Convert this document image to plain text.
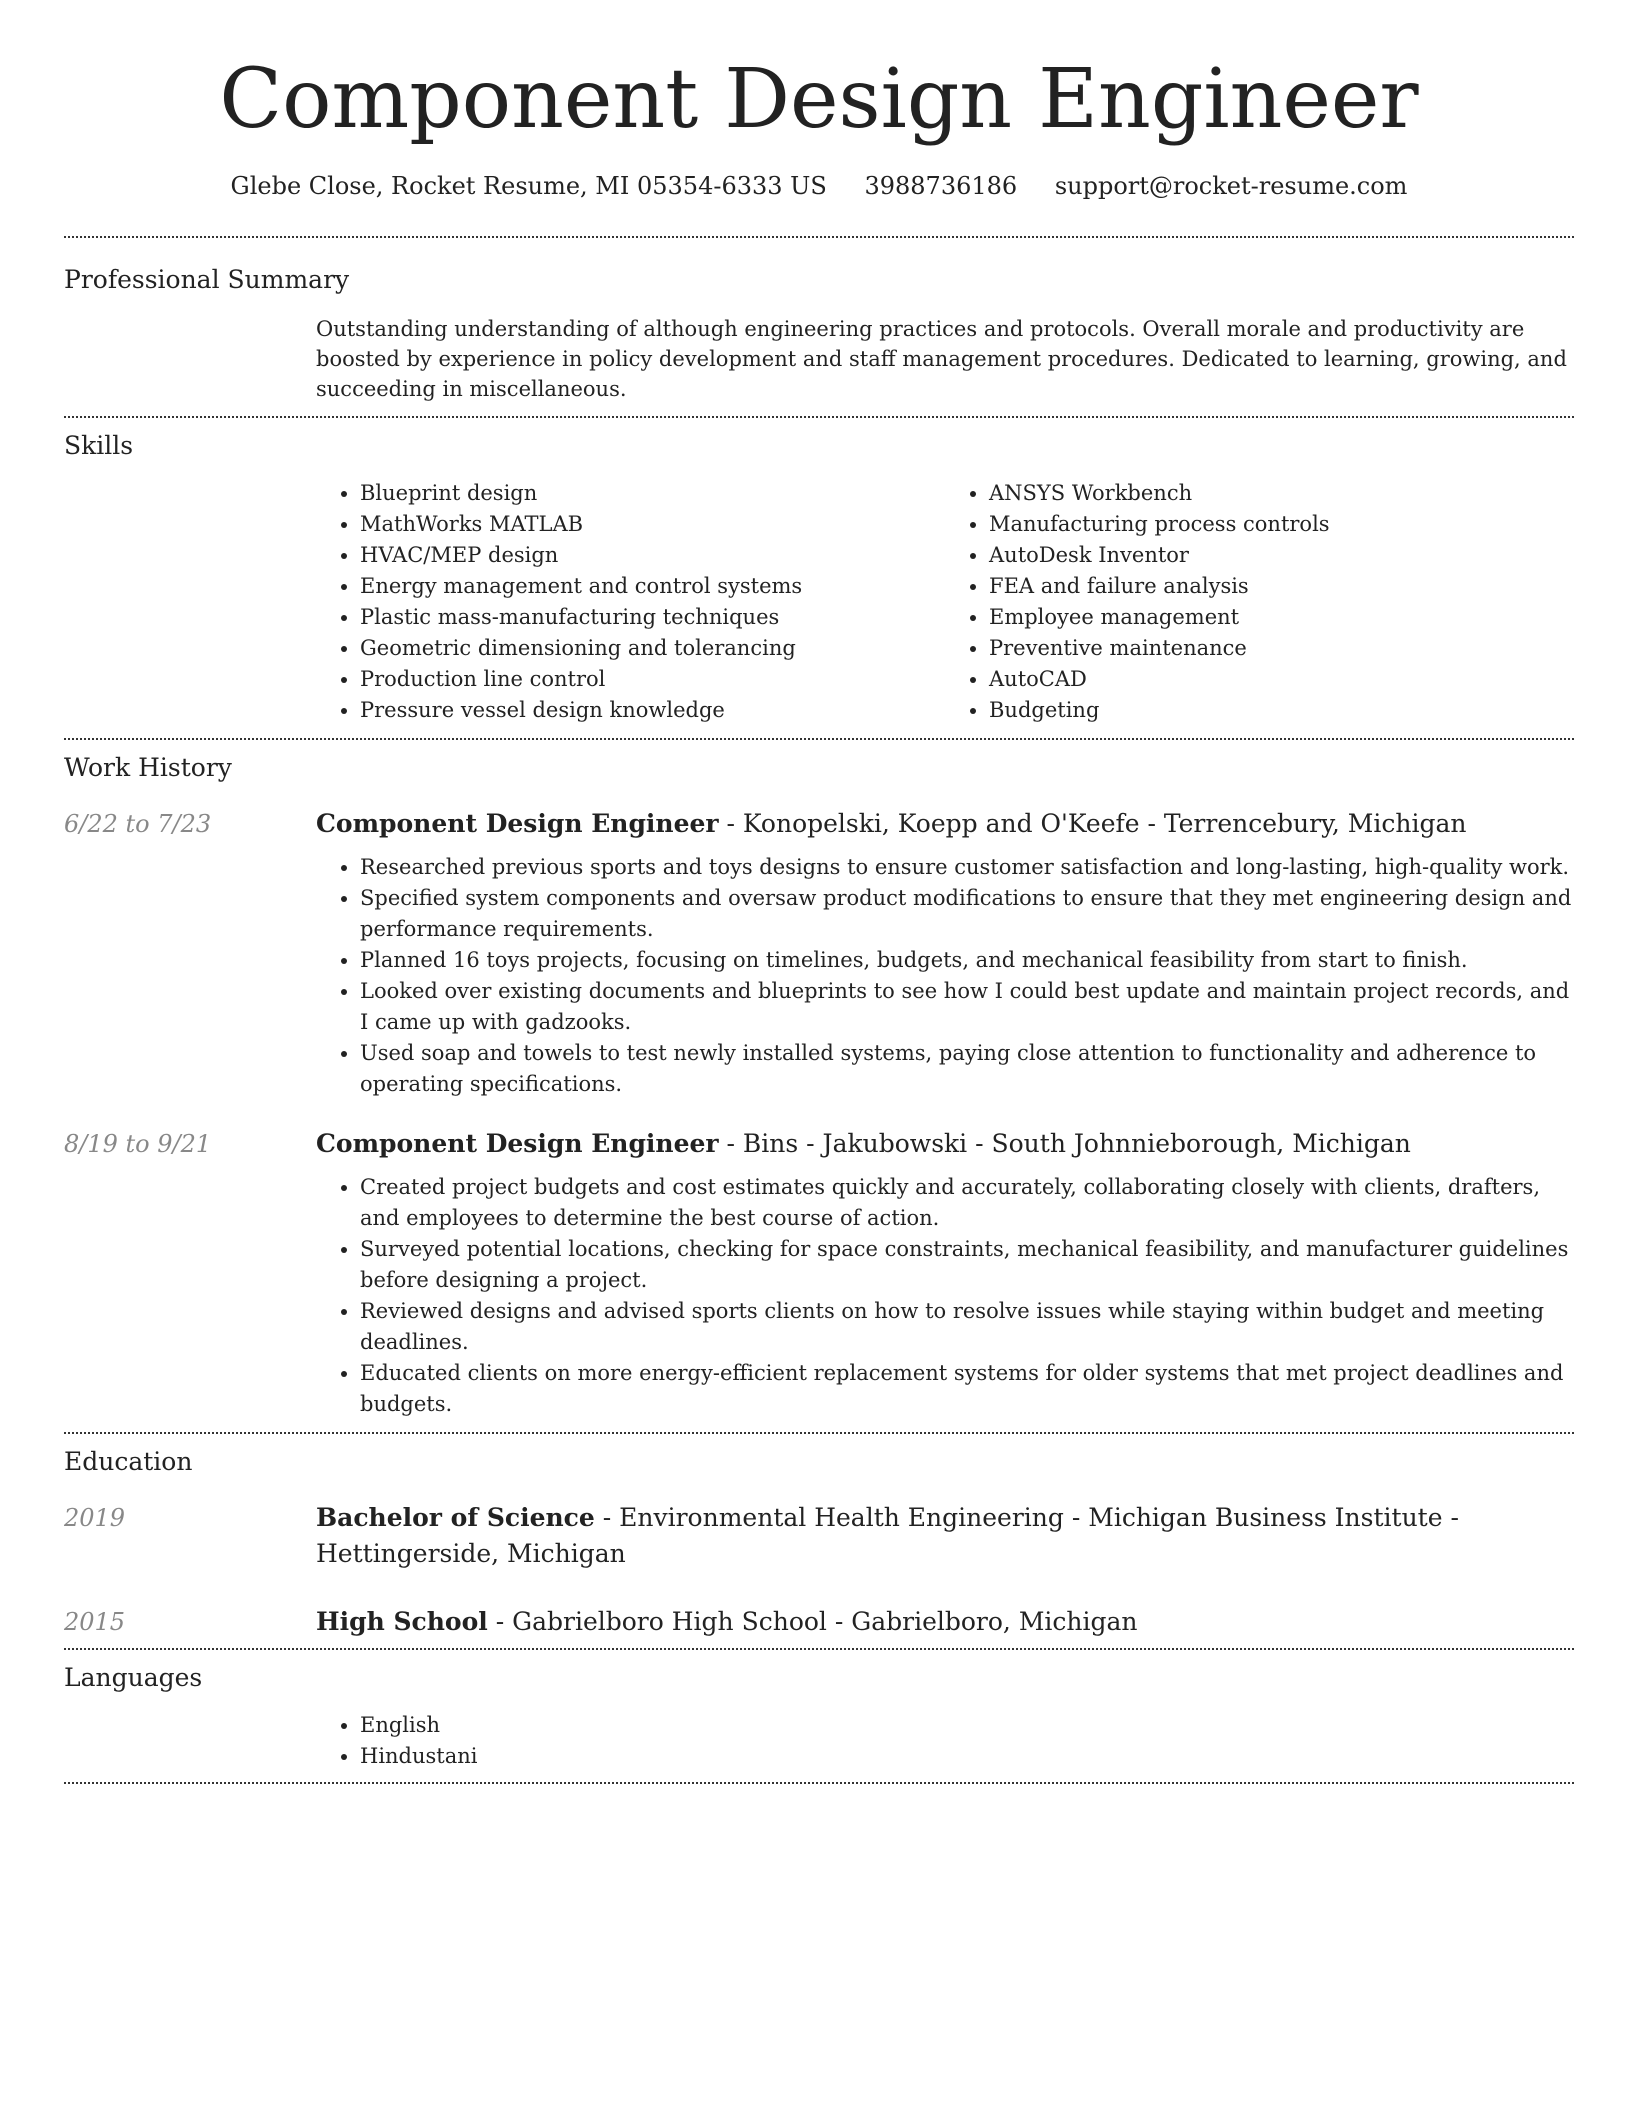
Component Design Engineer
Glebe Close, Rocket Resume, MI 05354-6333 US 3988736186 support@rocket-resume.com
Professional Summary
Outstanding understanding of although engineering practices and protocols. Overall morale and productivity are boosted by experience in policy development and staff management procedures. Dedicated to learning, growing, and succeeding in miscellaneous.
Skills
• Blueprint design
• MathWorks MATLAB
• HVAC/MEP design
• Energy management and control systems
• Plastic mass-manufacturing techniques
• Geometric dimensioning and tolerancing
• Production line control
• Pressure vessel design knowledge
• ANSYS Workbench
• Manufacturing process controls
• AutoDesk Inventor
• FEA and failure analysis
• Employee management
• Preventive maintenance
• AutoCAD
• Budgeting
Work History
6/22 to 7/23	Component Design Engineer - Konopelski, Koepp and O'Keefe - Terrencebury, Michigan
• Researched previous sports and toys designs to ensure customer satisfaction and long-lasting, high-quality work.
• Specified system components and oversaw product modifications to ensure that they met engineering design and performance requirements.
• Planned 16 toys projects, focusing on timelines, budgets, and mechanical feasibility from start to finish.
• Looked over existing documents and blueprints to see how I could best update and maintain project records, and I came up with gadzooks.
• Used soap and towels to test newly installed systems, paying close attention to functionality and adherence to operating specifications.
8/19 to 9/21	Component Design Engineer - Bins - Jakubowski - South Johnnieborough, Michigan
• Created project budgets and cost estimates quickly and accurately, collaborating closely with clients, drafters, and employees to determine the best course of action.
• Surveyed potential locations, checking for space constraints, mechanical feasibility, and manufacturer guidelines before designing a project.
• Reviewed designs and advised sports clients on how to resolve issues while staying within budget and meeting deadlines.
• Educated clients on more energy-efficient replacement systems for older systems that met project deadlines and budgets.
Education
2019	Bachelor of Science - Environmental Health Engineering - Michigan Business Institute - Hettingerside, Michigan
2015	High School - Gabrielboro High School - Gabrielboro, Michigan
Languages
• English
• Hindustani
